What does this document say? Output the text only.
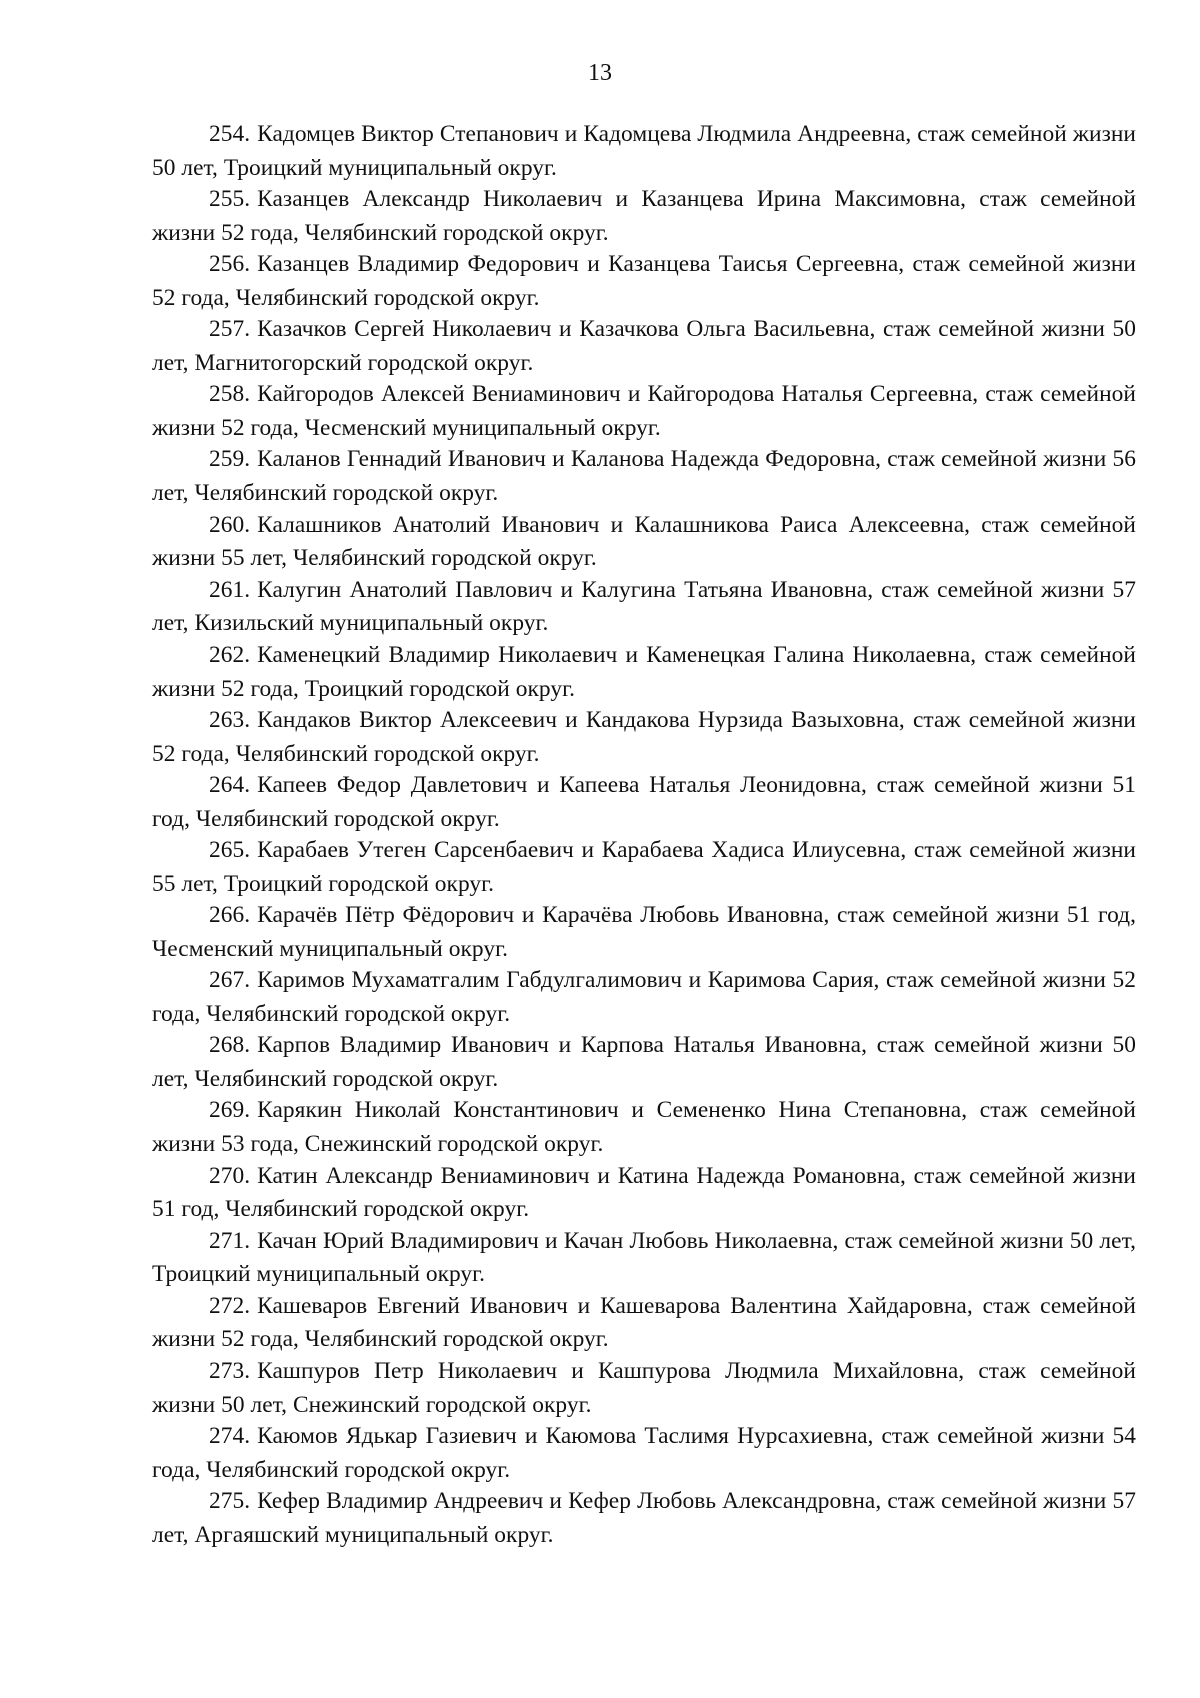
13

254. Кадомцев Виктор Степанович и Кадомцева Людмила Андреевна, стаж семейной жизни 50 лет, Троицкий муниципальный округ.

255. Казанцев Александр Николаевич и Казанцева Ирина Максимовна, стаж семейной жизни 52 года, Челябинский городской округ.

256. Казанцев Владимир Федорович и Казанцева Таисья Сергеевна, стаж семейной жизни 52 года, Челябинский городской округ.

257. Казачков Сергей Николаевич и Казачкова Ольга Васильевна, стаж семейной жизни 50 лет, Магнитогорский городской округ.

258. Кайгородов Алексей Вениаминович и Кайгородова Наталья Сергеевна, стаж семейной жизни 52 года, Чесменский муниципальный округ.

259. Каланов Геннадий Иванович и Каланова Надежда Федоровна, стаж семейной жизни 56 лет, Челябинский городской округ.

260. Калашников Анатолий Иванович и Калашникова Раиса Алексеевна, стаж семейной жизни 55 лет, Челябинский городской округ.

261. Калугин Анатолий Павлович и Калугина Татьяна Ивановна, стаж семейной жизни 57 лет, Кизильский муниципальный округ.

262. Каменецкий Владимир Николаевич и Каменецкая Галина Николаевна, стаж семейной жизни 52 года, Троицкий городской округ.

263. Кандаков Виктор Алексеевич и Кандакова Нурзида Вазыховна, стаж семейной жизни 52 года, Челябинский городской округ.

264. Капеев Федор Давлетович и Капеева Наталья Леонидовна, стаж семейной жизни 51 год, Челябинский городской округ.

265. Карабаев Утеген Сарсенбаевич и Карабаева Хадиса Илиусевна, стаж семейной жизни 55 лет, Троицкий городской округ.

266. Карачёв Пётр Фёдорович и Карачёва Любовь Ивановна, стаж семейной жизни 51 год, Чесменский муниципальный округ.

267. Каримов Мухаматгалим Габдулгалимович и Каримова Сария, стаж семейной жизни 52 года, Челябинский городской округ.

268. Карпов Владимир Иванович и Карпова Наталья Ивановна, стаж семейной жизни 50 лет, Челябинский городской округ.

269. Карякин Николай Константинович и Семененко Нина Степановна, стаж семейной жизни 53 года, Снежинский городской округ.

270. Катин Александр Вениаминович и Катина Надежда Романовна, стаж семейной жизни 51 год, Челябинский городской округ.

271. Качан Юрий Владимирович и Качан Любовь Николаевна, стаж семейной жизни 50 лет, Троицкий муниципальный округ.

272. Кашеваров Евгений Иванович и Кашеварова Валентина Хайдаровна, стаж семейной жизни 52 года, Челябинский городской округ.

273. Кашпуров Петр Николаевич и Кашпурова Людмила Михайловна, стаж семейной жизни 50 лет, Снежинский городской округ.

274. Каюмов Ядькар Газиевич и Каюмова Таслимя Нурсахиевна, стаж семейной жизни 54 года, Челябинский городской округ.

275. Кефер Владимир Андреевич и Кефер Любовь Александровна, стаж семейной жизни 57 лет, Аргаяшский муниципальный округ.
